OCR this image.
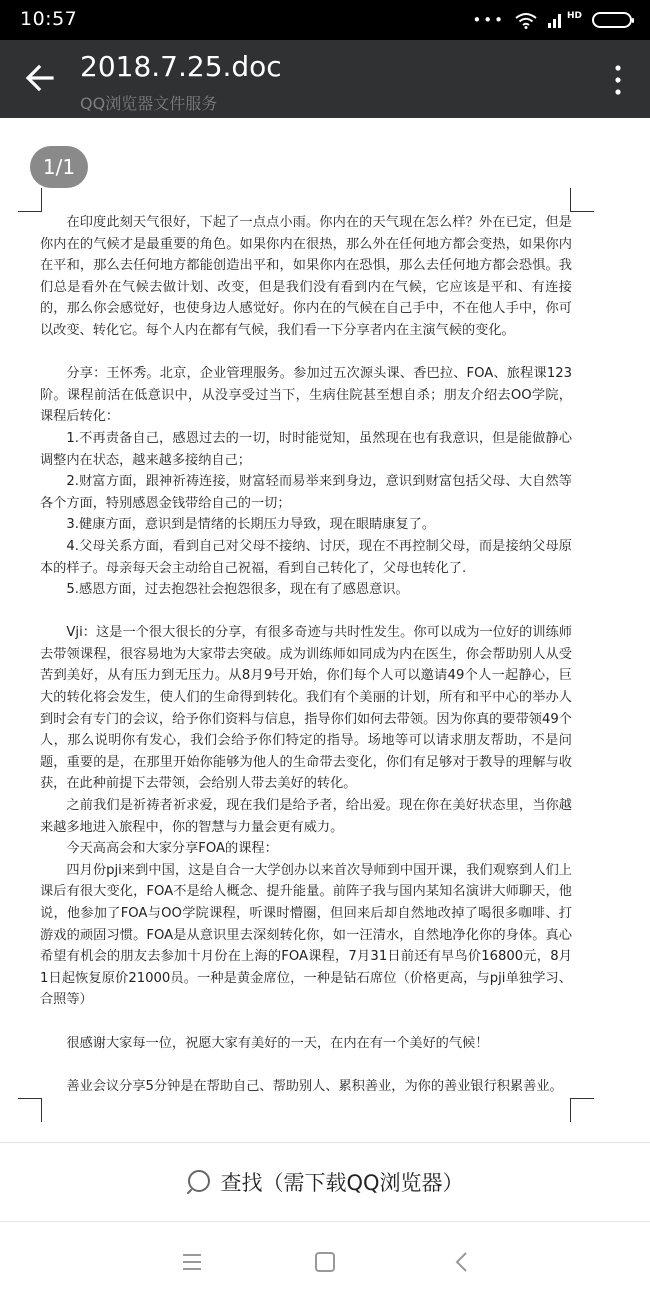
10:57	•••	HD
2018.7.25.doc
QQ浏览器文件服务
1/1

在印度此刻天气很好，下起了一点点小雨。你内在的天气现在怎么样？外在已定，但是你内在的气候才是最重要的角色。如果你内在很热，那么外在任何地方都会变热，如果你内在平和，那么去任何地方都能创造出平和，如果你内在恐惧，那么去任何地方都会恐惧。我们总是看外在气候去做计划、改变，但是我们没有看到内在气候，它应该是平和、有连接的，那么你会感觉好，也使身边人感觉好。你内在的气候在自己手中，不在他人手中，你可以改变、转化它。每个人内在都有气候，我们看一下分享者内在主演气候的变化。

分享：王怀秀。北京，企业管理服务。参加过五次源头课、香巴拉、FOA、旅程课123阶。课程前活在低意识中，从没享受过当下，生病住院甚至想自杀；朋友介绍去OO学院，课程后转化：

1.不再责备自己，感恩过去的一切，时时能觉知，虽然现在也有我意识，但是能做静心调整内在状态，越来越多接纳自己；

2.财富方面，跟神祈祷连接，财富轻而易举来到身边，意识到财富包括父母、大自然等各个方面，特别感恩金钱带给自己的一切；

3.健康方面，意识到是情绪的长期压力导致，现在眼睛康复了。

4.父母关系方面，看到自己对父母不接纳、讨厌，现在不再控制父母，而是接纳父母原本的样子。母亲每天会主动给自己祝福，看到自己转化了，父母也转化了.

5.感恩方面，过去抱怨社会抱怨很多，现在有了感恩意识。

Vji：这是一个很大很长的分享，有很多奇迹与共时性发生。你可以成为一位好的训练师去带领课程，很容易地为大家带去突破。成为训练师如同成为内在医生，你会帮助别人从受苦到美好，从有压力到无压力。从8月9号开始，你们每个人可以邀请49个人一起静心，巨大的转化将会发生，使人们的生命得到转化。我们有个美丽的计划，所有和平中心的举办人到时会有专门的会议，给予你们资料与信息，指导你们如何去带领。因为你真的要带领49个人，那么说明你有发心，我们会给予你们特定的指导。场地等可以请求朋友帮助，不是问题，重要的是，在那里开始你能够为他人的生命带去变化，你们有足够对于教导的理解与收获，在此种前提下去带领，会给别人带去美好的转化。

之前我们是祈祷者祈求爱，现在我们是给予者，给出爱。现在你在美好状态里，当你越来越多地进入旅程中，你的智慧与力量会更有威力。

今天高高会和大家分享FOA的课程：

四月份pji来到中国，这是自合一大学创办以来首次导师到中国开课，我们观察到人们上课后有很大变化，FOA不是给人概念、提升能量。前阵子我与国内某知名演讲大师聊天，他说，他参加了FOA与OO学院课程，听课时懵圈，但回来后却自然地改掉了喝很多咖啡、打游戏的顽固习惯。FOA是从意识里去深刻转化你，如一汪清水，自然地净化你的身体。真心希望有机会的朋友去参加十月份在上海的FOA课程，7月31日前还有早鸟价16800元，8月1日起恢复原价21000员。一种是黄金席位，一种是钻石席位（价格更高，与pji单独学习、合照等）

很感谢大家每一位，祝愿大家有美好的一天，在内在有一个美好的气候！

善业会议分享5分钟是在帮助自己、帮助别人、累积善业，为你的善业银行积累善业。

查找（需下载QQ浏览器）
